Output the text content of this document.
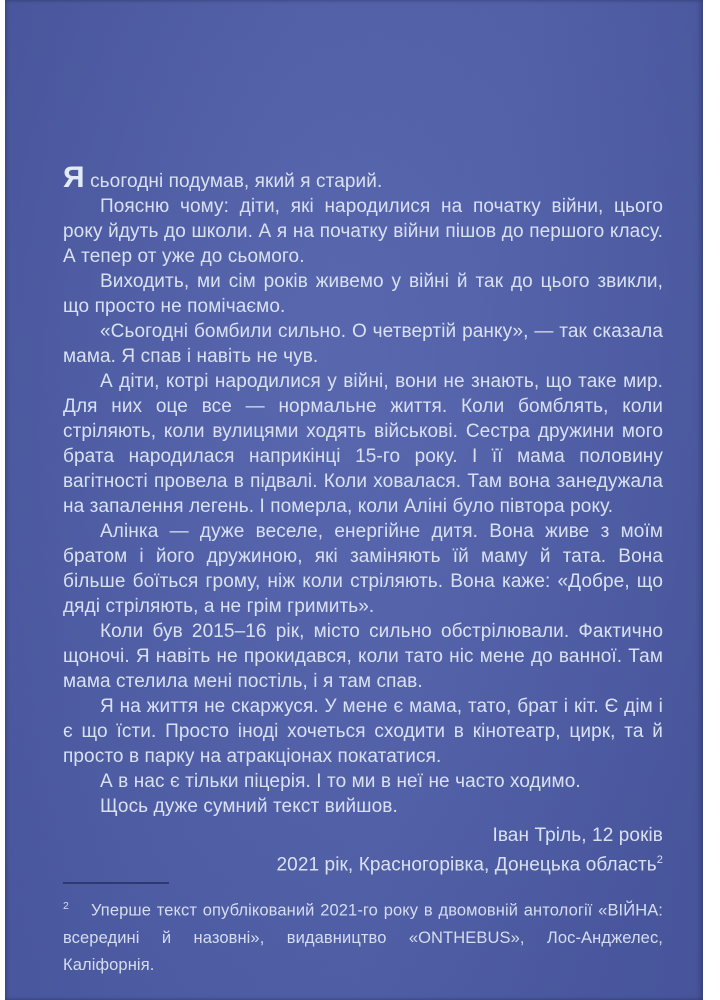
Ясьогодні подумав, який я старий.

Поясню чому: діти, які народилися на початку війни, цього року йдуть до школи. А я на початку війни пішов до першого класу. А тепер от уже до сьомого.

Виходить, ми сім років живемо у війні й так до цього звикли, що просто не помічаємо.

«Сьогодні бомбили сильно. О четвертій ранку», — так сказала мама. Я спав і навіть не чув.

А діти, котрі народилися у війні, вони не знають, що таке мир. Для них оце все — нормальне життя. Коли бомблять, коли стріляють, коли вулицями ходять військові. Сестра дружини мого брата народилася наприкінці 15-го року. І її мама половину вагітності провела в підвалі. Коли ховалася. Там вона занедужала на запалення легень. І померла, коли Аліні було півтора року.

Алінка — дуже веселе, енергійне дитя. Вона живе з моїм братом і його дружиною, які заміняють їй маму й тата. Вона більше боїться грому, ніж коли стріляють. Вона каже: «Добре, що дяді стріляють, а не грім гримить».

Коли був 2015–16 рік, місто сильно обстрілювали. Фактично щоночі. Я навіть не прокидався, коли тато ніс мене до ванної. Там мама стелила мені постіль, і я там спав.

Я на життя не скаржуся. У мене є мама, тато, брат і кіт. Є дім і є що їсти. Просто іноді хочеться сходити в кінотеатр, цирк, та й просто в парку на атракціонах покататися.

А в нас є тільки піцерія. І то ми в неї не часто ходимо.

Щось дуже сумний текст вийшов.

Іван Тріль, 12 років
2021 рік, Красногорівка, Донецька область$^2$
$^2$ Уперше текст опублікований 2021-го року в двомовній антології «ВІЙНА: всередині й назовні», видавництво «ONTHEBUS», Лос-Анджелес, Каліфорнія.
